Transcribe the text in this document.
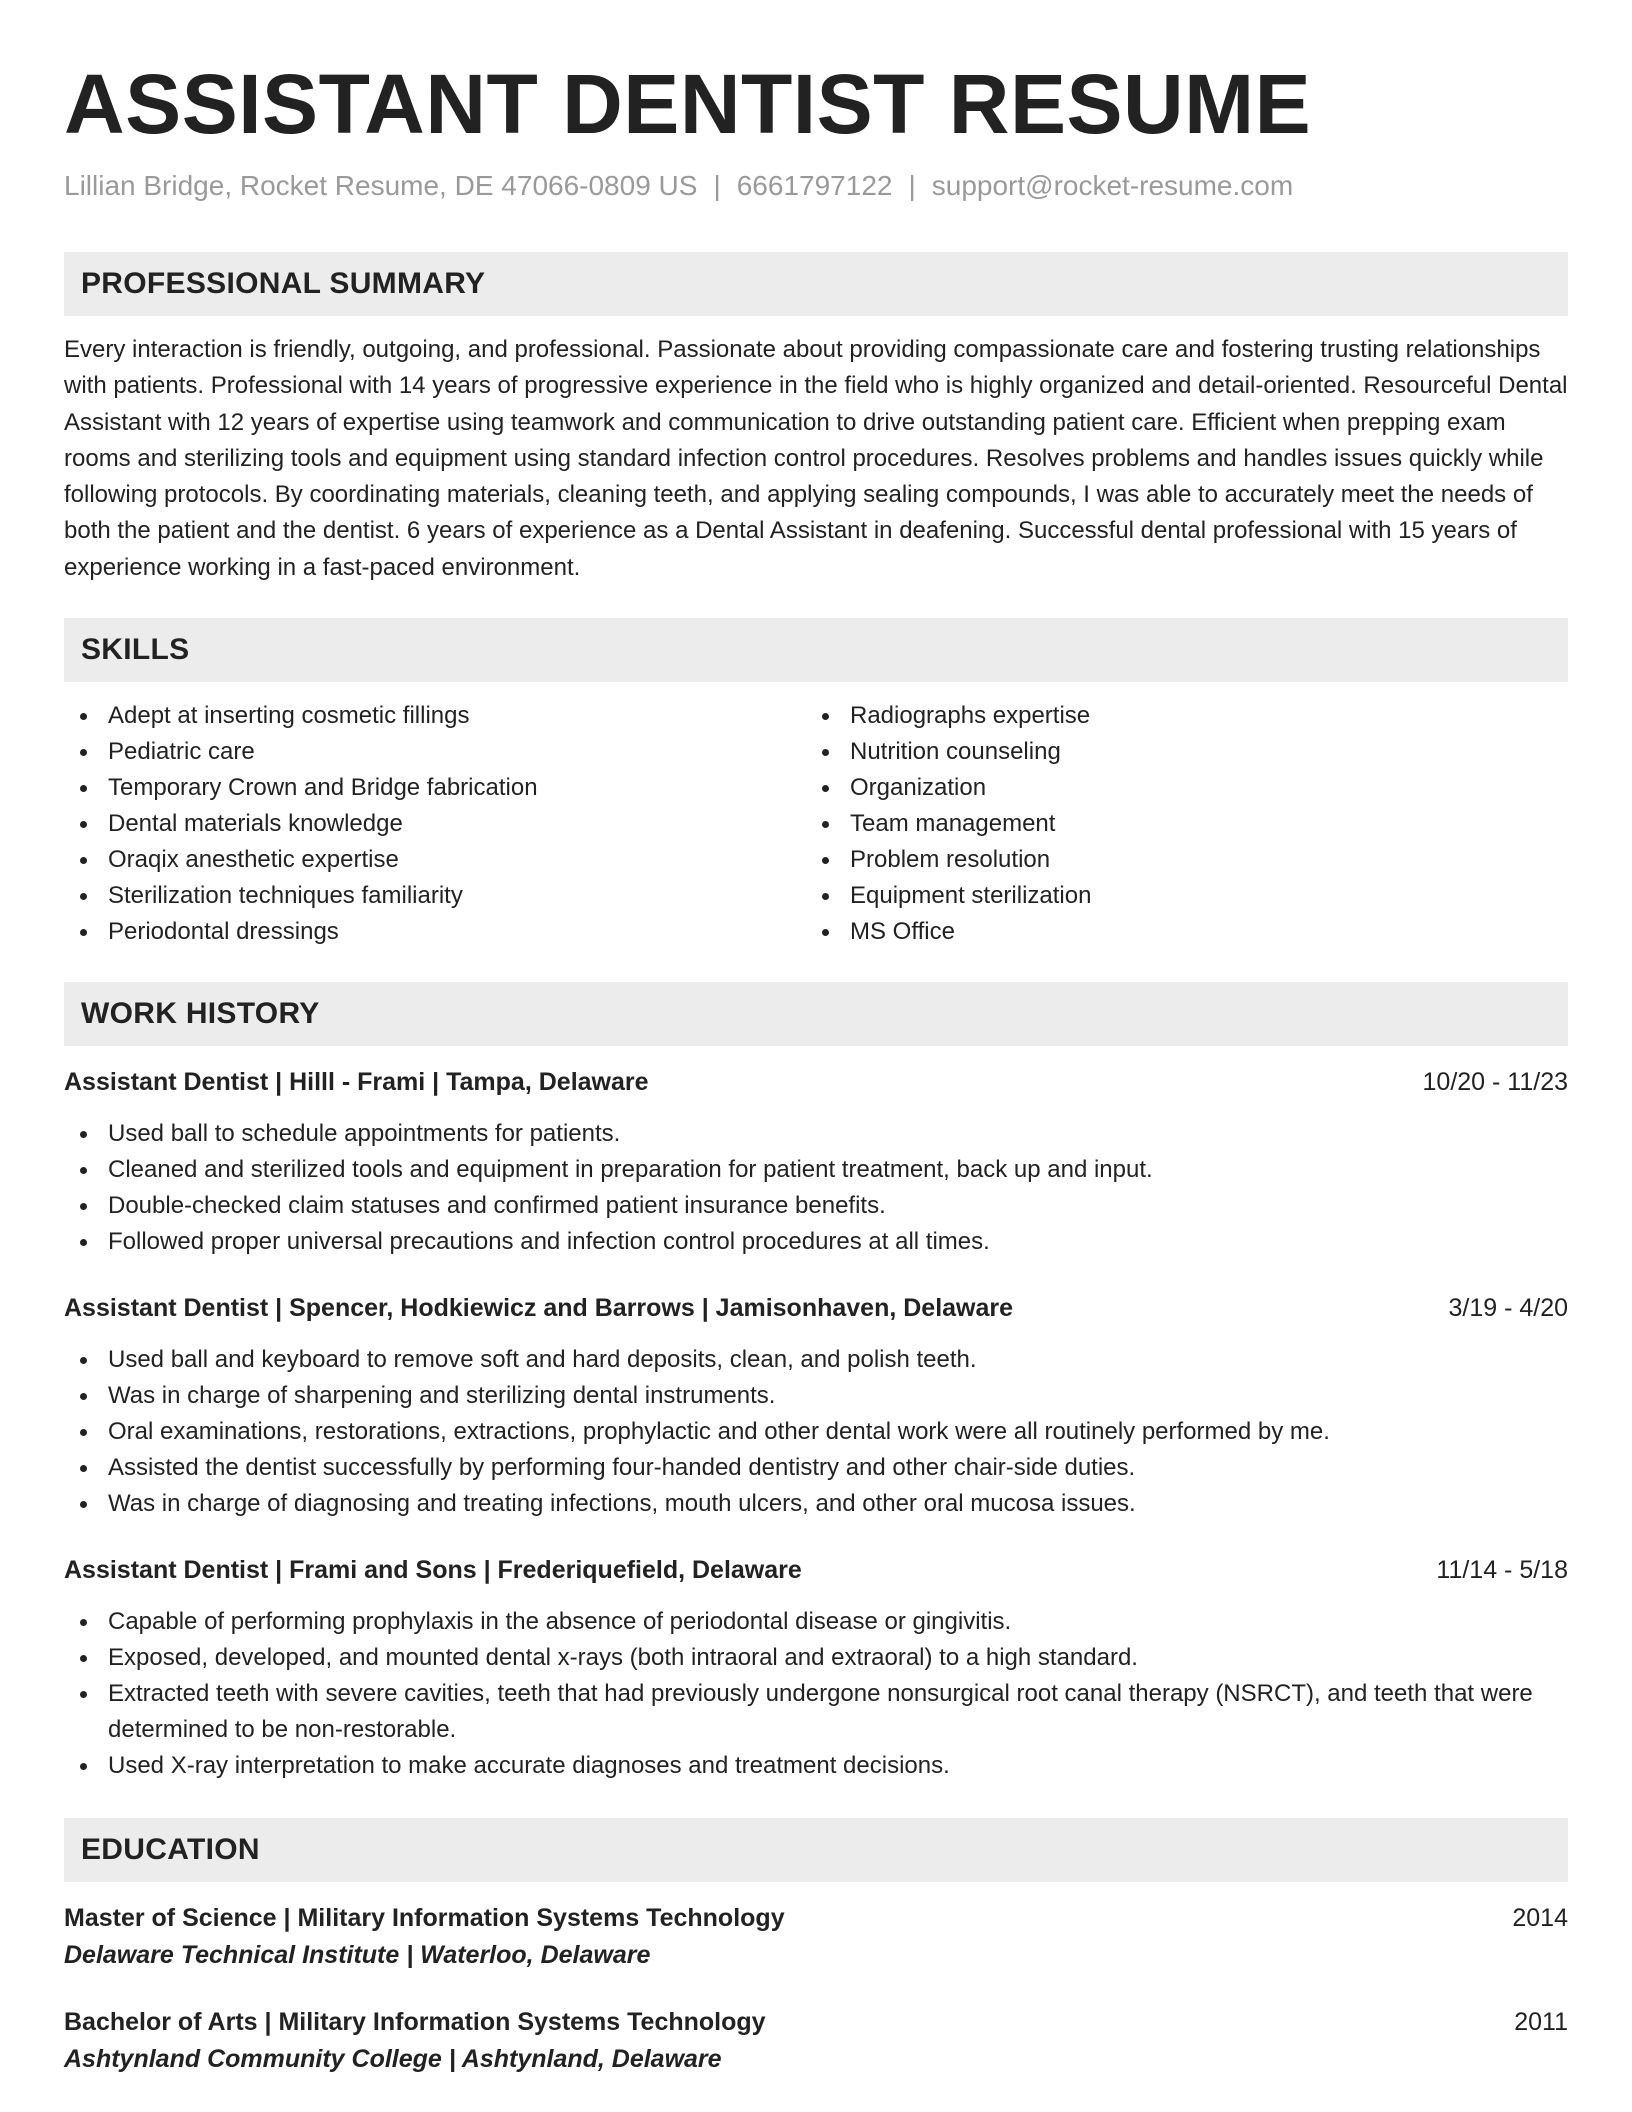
ASSISTANT DENTIST RESUME
Lillian Bridge, Rocket Resume, DE 47066-0809 US | 6661797122 | support@rocket-resume.com
PROFESSIONAL SUMMARY

Every interaction is friendly, outgoing, and professional. Passionate about providing compassionate care and fostering trusting relationships with patients. Professional with 14 years of progressive experience in the field who is highly organized and detail-oriented. Resourceful Dental Assistant with 12 years of expertise using teamwork and communication to drive outstanding patient care. Efficient when prepping exam rooms and sterilizing tools and equipment using standard infection control procedures. Resolves problems and handles issues quickly while following protocols. By coordinating materials, cleaning teeth, and applying sealing compounds, I was able to accurately meet the needs of both the patient and the dentist. 6 years of experience as a Dental Assistant in deafening. Successful dental professional with 15 years of experience working in a fast-paced environment.

SKILLS
Adept at inserting cosmetic fillings
Pediatric care
Temporary Crown and Bridge fabrication
Dental materials knowledge
Oraqix anesthetic expertise
Sterilization techniques familiarity
Periodontal dressings
Radiographs expertise
Nutrition counseling
Organization
Team management
Problem resolution
Equipment sterilization
MS Office
WORK HISTORY
Assistant Dentist | Hilll - Frami | Tampa, Delaware	10/20 - 11/23
Used ball to schedule appointments for patients.
Cleaned and sterilized tools and equipment in preparation for patient treatment, back up and input.
Double-checked claim statuses and confirmed patient insurance benefits.
Followed proper universal precautions and infection control procedures at all times.
Assistant Dentist | Spencer, Hodkiewicz and Barrows | Jamisonhaven, Delaware	3/19 - 4/20
Used ball and keyboard to remove soft and hard deposits, clean, and polish teeth.
Was in charge of sharpening and sterilizing dental instruments.
Oral examinations, restorations, extractions, prophylactic and other dental work were all routinely performed by me.
Assisted the dentist successfully by performing four-handed dentistry and other chair-side duties.
Was in charge of diagnosing and treating infections, mouth ulcers, and other oral mucosa issues.
Assistant Dentist | Frami and Sons | Frederiquefield, Delaware	11/14 - 5/18
Capable of performing prophylaxis in the absence of periodontal disease or gingivitis.
Exposed, developed, and mounted dental x-rays (both intraoral and extraoral) to a high standard.
Extracted teeth with severe cavities, teeth that had previously undergone nonsurgical root canal therapy (NSRCT), and teeth that were determined to be non-restorable.
Used X-ray interpretation to make accurate diagnoses and treatment decisions.
EDUCATION
Master of Science | Military Information Systems Technology	2014
Delaware Technical Institute | Waterloo, Delaware
Bachelor of Arts | Military Information Systems Technology	2011
Ashtynland Community College | Ashtynland, Delaware
